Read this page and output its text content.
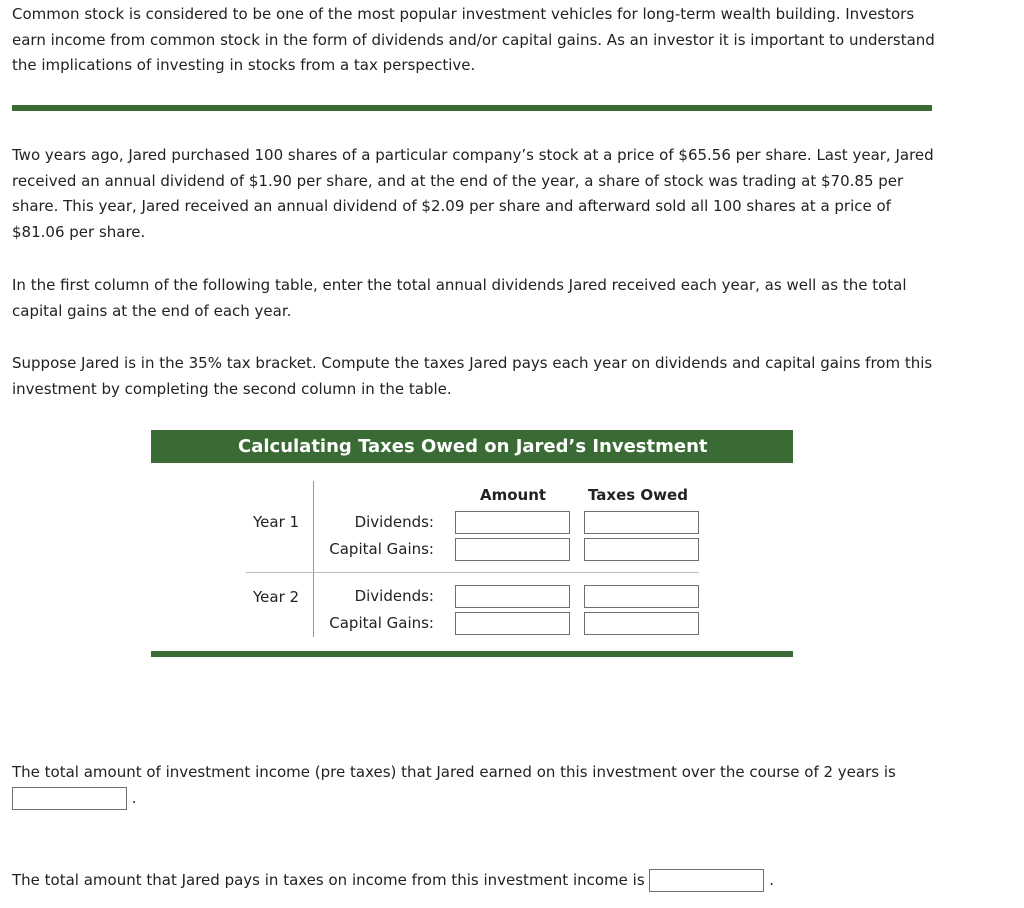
Common stock is considered to be one of the most popular investment vehicles for long-term wealth building. Investors earn income from common stock in the form of dividends and/or capital gains. As an investor it is important to understand the implications of investing in stocks from a tax perspective.

Two years ago, Jared purchased 100 shares of a particular company’s stock at a price of $65.56 per share. Last year, Jared received an annual dividend of $1.90 per share, and at the end of the year, a share of stock was trading at $70.85 per share. This year, Jared received an annual dividend of $2.09 per share and afterward sold all 100 shares at a price of $81.06 per share.

In the first column of the following table, enter the total annual dividends Jared received each year, as well as the total capital gains at the end of each year.

Suppose Jared is in the 35% tax bracket. Compute the taxes Jared pays each year on dividends and capital gains from this investment by completing the second column in the table.

Calculating Taxes Owed on Jared’s Investment
Amount	Taxes Owed
Year 1
Year 2
Dividends:
Capital Gains:
Dividends:
Capital Gains:
The total amount of investment income (pre taxes) that Jared earned on this investment over the course of 2 years is  .
The total amount that Jared pays in taxes on income from this investment income is	.
